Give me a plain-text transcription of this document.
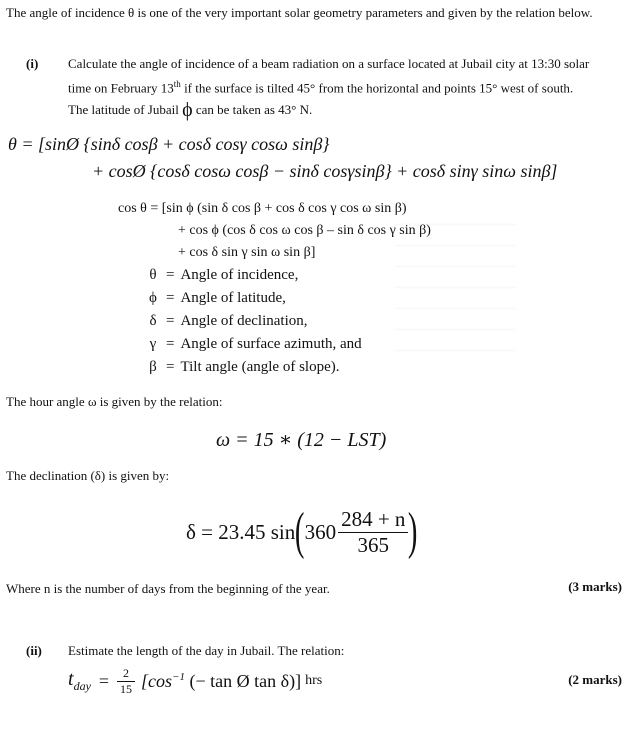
The angle of incidence θ is one of the very important solar geometry parameters and given by the relation below.
(i) Calculate the angle of incidence of a beam radiation on a surface located at Jubail city at 13:30 solar
time on February 13th if the surface is tilted 45° from the horizontal and points 15° west of south.
The latitude of Jubail ϕ can be taken as 43° N.
θ = [sinØ {sinδ cosβ + cosδ cosγ cosω sinβ}
+ cosØ {cosδ cosω cosβ − sinδ cosγsinβ} + cosδ sinγ sinω sinβ]
cos θ = [sin ϕ (sin δ cos β + cos δ cos γ cos ω sin β)
+ cos ϕ (cos δ cos ω cos β – sin δ cos γ sin β)
+ cos δ sin γ sin ω sin β]
θ = Angle of incidence,
ϕ = Angle of latitude,
δ = Angle of declination,
γ = Angle of surface azimuth, and
β = Tilt angle (angle of slope).
The hour angle ω is given by the relation:
ω = 15 ∗ (12 − LST)
The declination (δ) is given by:
δ = 23.45 sin ( $360 \frac{284 + n}{365}$ )
Where n is the number of days from the beginning of the year.	(3 marks)
(ii) Estimate the length of the day in Jubail. The relation:
$t_{day} = \frac{2}{15} [\cos^{-1}$ (− tan Ø tan δ)] hrs	(2 marks)
